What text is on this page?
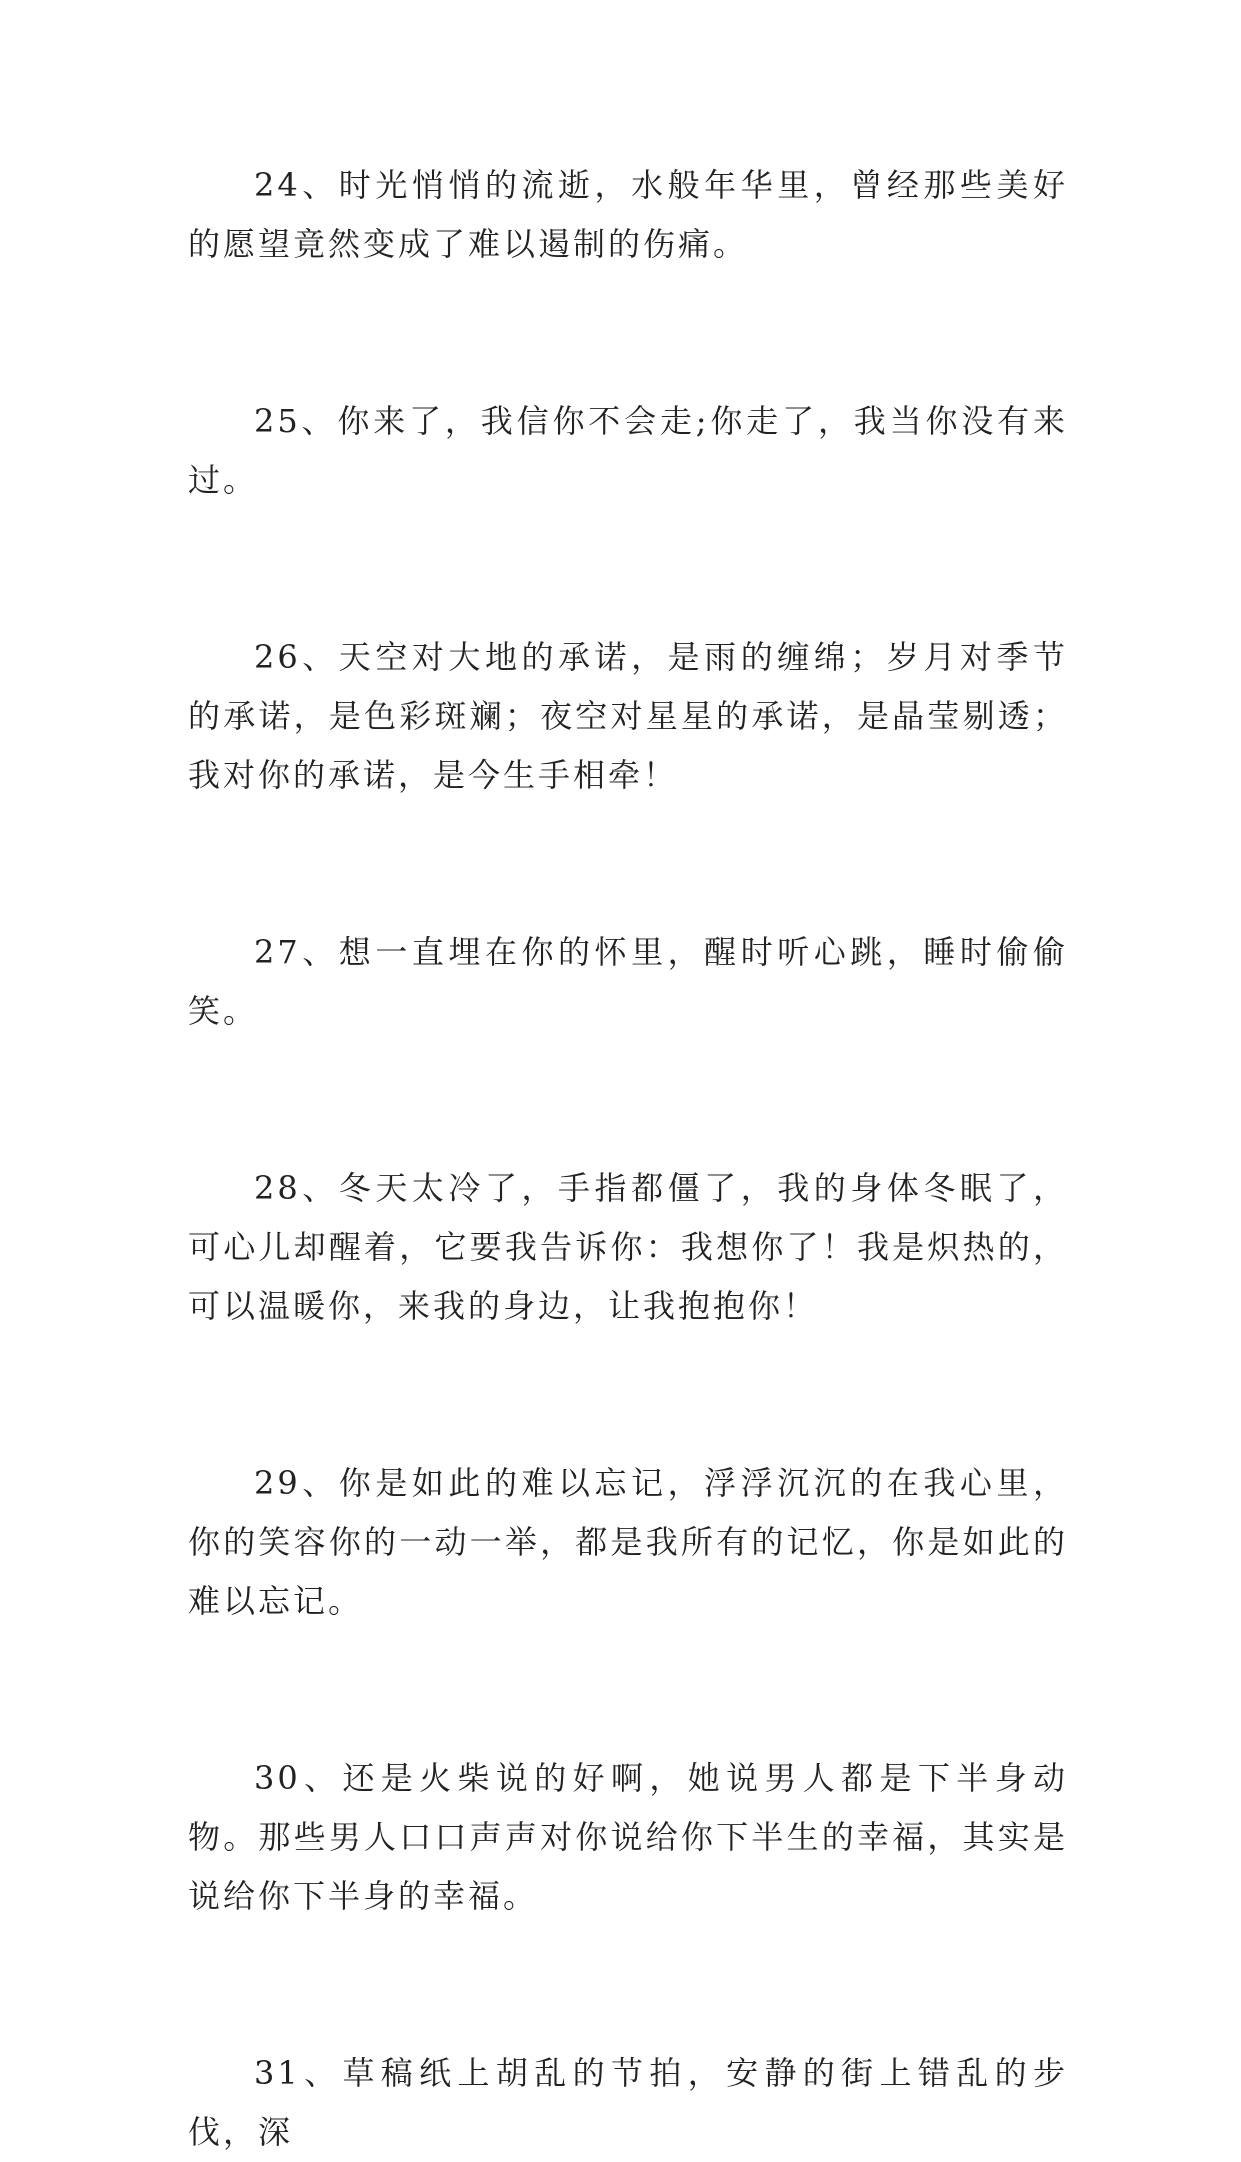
24、时光悄悄的流逝，水般年华里，曾经那些美好的愿望竟然变成了难以遏制的伤痛。

25、你来了，我信你不会走;你走了，我当你没有来过。

26、天空对大地的承诺，是雨的缠绵；岁月对季节的承诺，是色彩斑斓；夜空对星星的承诺，是晶莹剔透；我对你的承诺，是今生手相牵！

27、想一直埋在你的怀里，醒时听心跳，睡时偷偷笑。

28、冬天太冷了，手指都僵了，我的身体冬眠了，可心儿却醒着，它要我告诉你：我想你了！我是炽热的，可以温暖你，来我的身边，让我抱抱你！

29、你是如此的难以忘记，浮浮沉沉的在我心里，你的笑容你的一动一举，都是我所有的记忆，你是如此的难以忘记。

30、还是火柴说的好啊，她说男人都是下半身动物。那些男人口口声声对你说给你下半生的幸福，其实是说给你下半身的幸福。

31、草稿纸上胡乱的节拍，安静的街上错乱的步伐，深
